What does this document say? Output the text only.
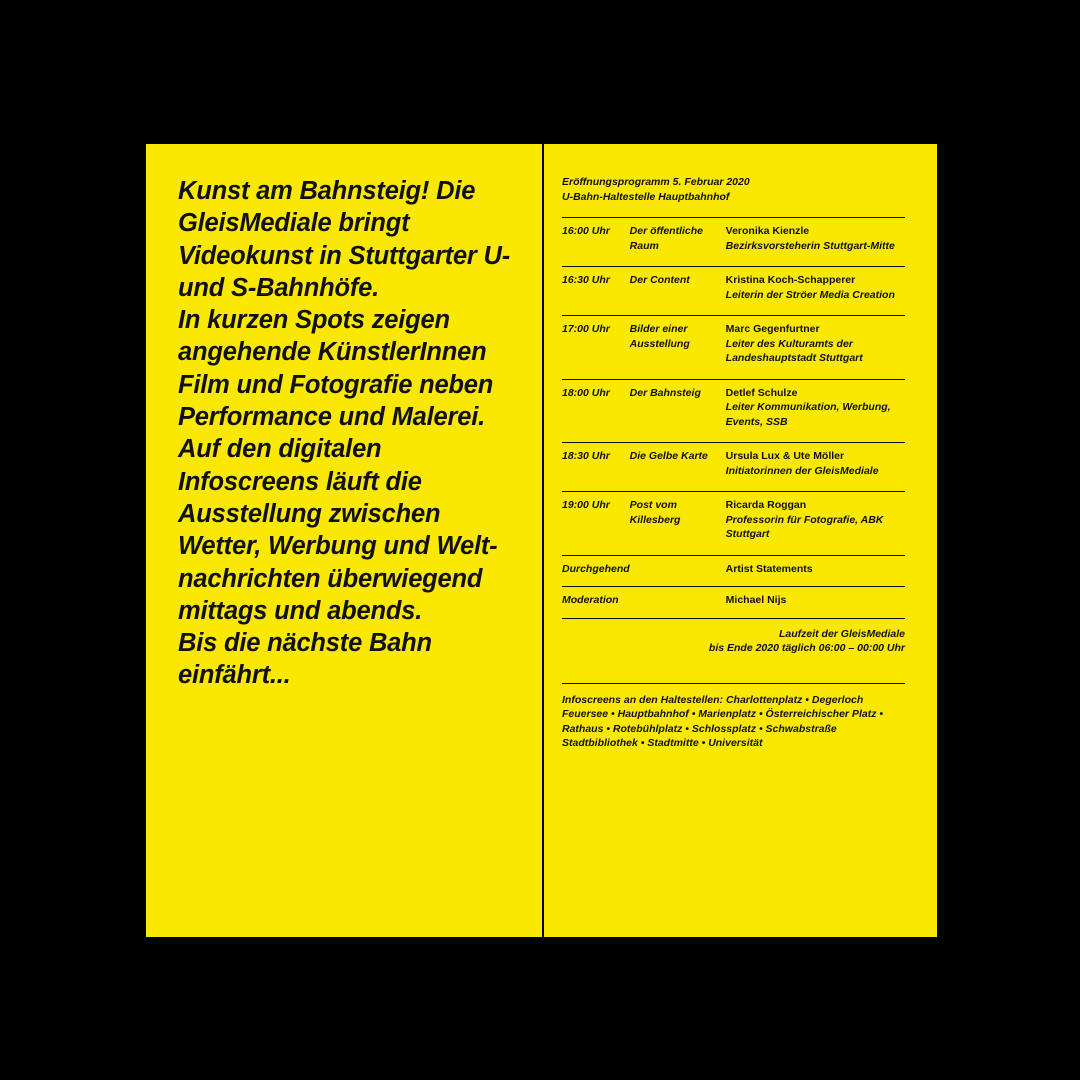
Kunst am Bahnsteig! Die GleisMediale bringt Videokunst in Stuttgarter U- und S-Bahnhöfe.
In kurzen Spots zeigen angehende KünstlerInnen Film und Fotografie neben Performance und Malerei. Auf den digitalen Infoscreens läuft die Ausstellung zwischen Wetter, Werbung und Welt-nachrichten überwiegend mittags und abends.
Bis die nächste Bahn einfährt...
Eröffnungsprogramm 5. Februar 2020
U-Bahn-Haltestelle Hauptbahnhof
16:00 Uhr	Der öffentliche Raum	Veronika Kienzle
Bezirksvorsteherin Stuttgart-Mitte

16:30 Uhr	Der Content	Kristina Koch-Schapperer
Leiterin der Ströer Media Creation

17:00 Uhr	Bilder einer Ausstellung	Marc Gegenfurtner
Leiter des Kulturamts der Landeshauptstadt Stuttgart

18:00 Uhr	Der Bahnsteig	Detlef Schulze
Leiter Kommunikation, Werbung, Events, SSB

18:30 Uhr	Die Gelbe Karte	Ursula Lux & Ute Möller
Initiatorinnen der GleisMediale

19:00 Uhr	Post vom Killesberg	Ricarda Roggan
Professorin für Fotografie, ABK Stuttgart

Durchgehend		Artist Statements

Moderation		Michael Nijs
Laufzeit der GleisMediale
bis Ende 2020 täglich 06:00 – 00:00 Uhr
Infoscreens an den Haltestellen: Charlottenplatz • Degerloch Feuersee • Hauptbahnhof • Marienplatz • Österreichischer Platz • Rathaus • Rotebühlplatz • Schlossplatz • Schwabstraße Stadtbibliothek • Stadtmitte • Universität
